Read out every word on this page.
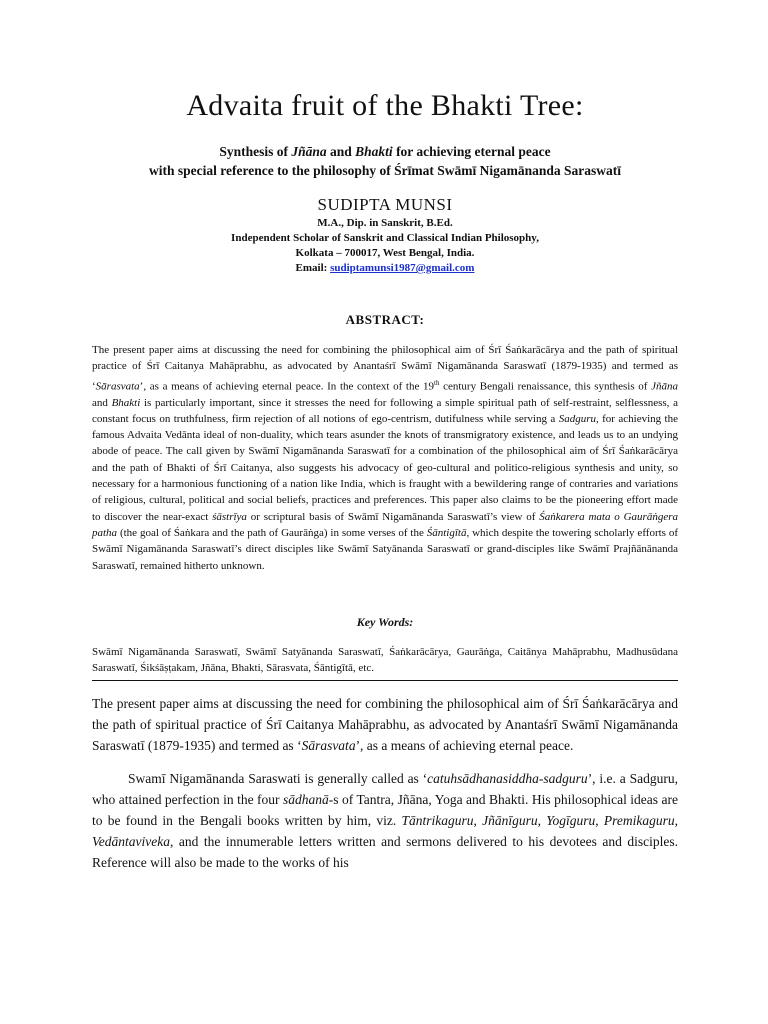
Advaita fruit of the Bhakti Tree:
Synthesis of Jñāna and Bhakti for achieving eternal peace
with special reference to the philosophy of Śrīmat Swāmī Nigamānanda Saraswatī
SUDIPTA MUNSI
M.A., Dip. in Sanskrit, B.Ed.
Independent Scholar of Sanskrit and Classical Indian Philosophy,
Kolkata – 700017, West Bengal, India.
Email: sudiptamunsi1987@gmail.com
ABSTRACT:
The present paper aims at discussing the need for combining the philosophical aim of Śrī Śaṅkarācārya and the path of spiritual practice of Śrī Caitanya Mahāprabhu, as advocated by Anantaśrī Swāmī Nigamānanda Saraswatī (1879-1935) and termed as ‘Sārasvata’, as a means of achieving eternal peace. In the context of the 19th century Bengali renaissance, this synthesis of Jñāna and Bhakti is particularly important, since it stresses the need for following a simple spiritual path of self-restraint, selflessness, a constant focus on truthfulness, firm rejection of all notions of ego-centrism, dutifulness while serving a Sadguru, for achieving the famous Advaita Vedānta ideal of non-duality, which tears asunder the knots of transmigratory existence, and leads us to an undying abode of peace. The call given by Swāmī Nigamānanda Saraswatī for a combination of the philosophical aim of Śrī Śaṅkarācārya and the path of Bhakti of Śrī Caitanya, also suggests his advocacy of geo-cultural and politico-religious synthesis and unity, so necessary for a harmonious functioning of a nation like India, which is fraught with a bewildering range of contraries and variations of religious, cultural, political and social beliefs, practices and preferences. This paper also claims to be the pioneering effort made to discover the near-exact śāstrīya or scriptural basis of Swāmī Nigamānanda Saraswatī’s view of Śaṅkarera mata o Gaurāṅgera patha (the goal of Śaṅkara and the path of Gaurāṅga) in some verses of the Śāntigītā, which despite the towering scholarly efforts of Swāmī Nigamānanda Saraswatī’s direct disciples like Swāmī Satyānanda Saraswatī or grand-disciples like Swāmī Prajñānānanda Saraswatī, remained hitherto unknown.
Key Words:
Swāmī Nigamānanda Saraswatī, Swāmī Satyānanda Saraswatī, Śaṅkarācārya, Gaurāṅga, Caitānya Mahāprabhu, Madhusūdana Saraswatī, Śikśāṣṭakam, Jñāna, Bhakti, Sārasvata, Śāntigītā, etc.
The present paper aims at discussing the need for combining the philosophical aim of Śrī Śaṅkarācārya and the path of spiritual practice of Śrī Caitanya Mahāprabhu, as advocated by Anantaśrī Swāmī Nigamānanda Saraswatī (1879-1935) and termed as ‘Sārasvata’, as a means of achieving eternal peace.
Swamī Nigamānanda Saraswati is generally called as ‘catuhsādhanasiddha-sadguru’, i.e. a Sadguru, who attained perfection in the four sādhanā-s of Tantra, Jñāna, Yoga and Bhakti. His philosophical ideas are to be found in the Bengali books written by him, viz. Tāntrikaguru, Jñānīguru, Yogīguru, Premikaguru, Vedāntaviveka, and the innumerable letters written and sermons delivered to his devotees and disciples. Reference will also be made to the works of his
